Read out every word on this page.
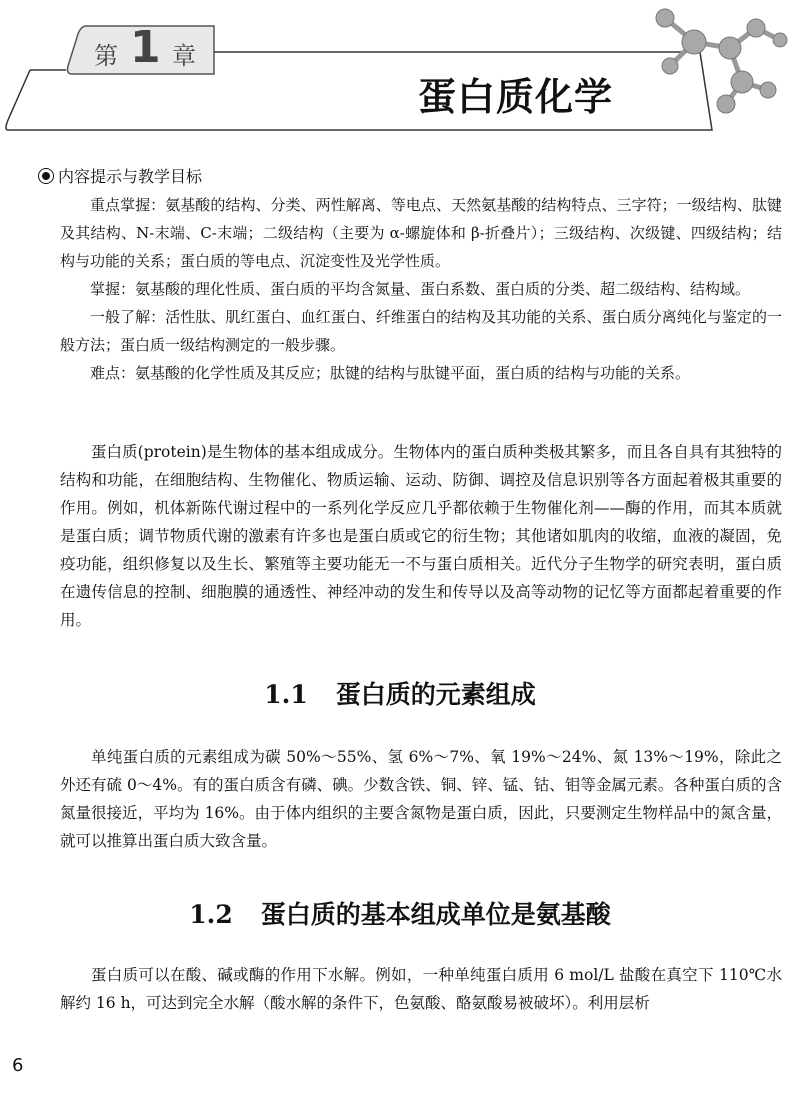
第 1 章
蛋白质化学
内容提示与教学目标

重点掌握：氨基酸的结构、分类、两性解离、等电点、天然氨基酸的结构特点、三字符；一级结构、肽键及其结构、N-末端、C-末端；二级结构（主要为 α-螺旋体和 β-折叠片）；三级结构、次级键、四级结构；结构与功能的关系；蛋白质的等电点、沉淀变性及光学性质。

掌握：氨基酸的理化性质、蛋白质的平均含氮量、蛋白系数、蛋白质的分类、超二级结构、结构域。

一般了解：活性肽、肌红蛋白、血红蛋白、纤维蛋白的结构及其功能的关系、蛋白质分离纯化与鉴定的一般方法；蛋白质一级结构测定的一般步骤。

难点：氨基酸的化学性质及其反应；肽键的结构与肽键平面，蛋白质的结构与功能的关系。

蛋白质(protein)是生物体的基本组成成分。生物体内的蛋白质种类极其繁多，而且各自具有其独特的结构和功能，在细胞结构、生物催化、物质运输、运动、防御、调控及信息识别等各方面起着极其重要的作用。例如，机体新陈代谢过程中的一系列化学反应几乎都依赖于生物催化剂——酶的作用，而其本质就是蛋白质；调节物质代谢的激素有许多也是蛋白质或它的衍生物；其他诸如肌肉的收缩，血液的凝固，免疫功能，组织修复以及生长、繁殖等主要功能无一不与蛋白质相关。近代分子生物学的研究表明，蛋白质在遗传信息的控制、细胞膜的通透性、神经冲动的发生和传导以及高等动物的记忆等方面都起着重要的作用。

1.1 蛋白质的元素组成

单纯蛋白质的元素组成为碳 50%～55%、氢 6%～7%、氧 19%～24%、氮 13%～19%，除此之外还有硫 0～4%。有的蛋白质含有磷、碘。少数含铁、铜、锌、锰、钴、钼等金属元素。各种蛋白质的含氮量很接近，平均为 16%。由于体内组织的主要含氮物是蛋白质，因此，只要测定生物样品中的氮含量，就可以推算出蛋白质大致含量。

1.2 蛋白质的基本组成单位是氨基酸

蛋白质可以在酸、碱或酶的作用下水解。例如，一种单纯蛋白质用 6 mol/L 盐酸在真空下 110℃水解约 16 h，可达到完全水解（酸水解的条件下，色氨酸、酪氨酸易被破坏）。利用层析

6
